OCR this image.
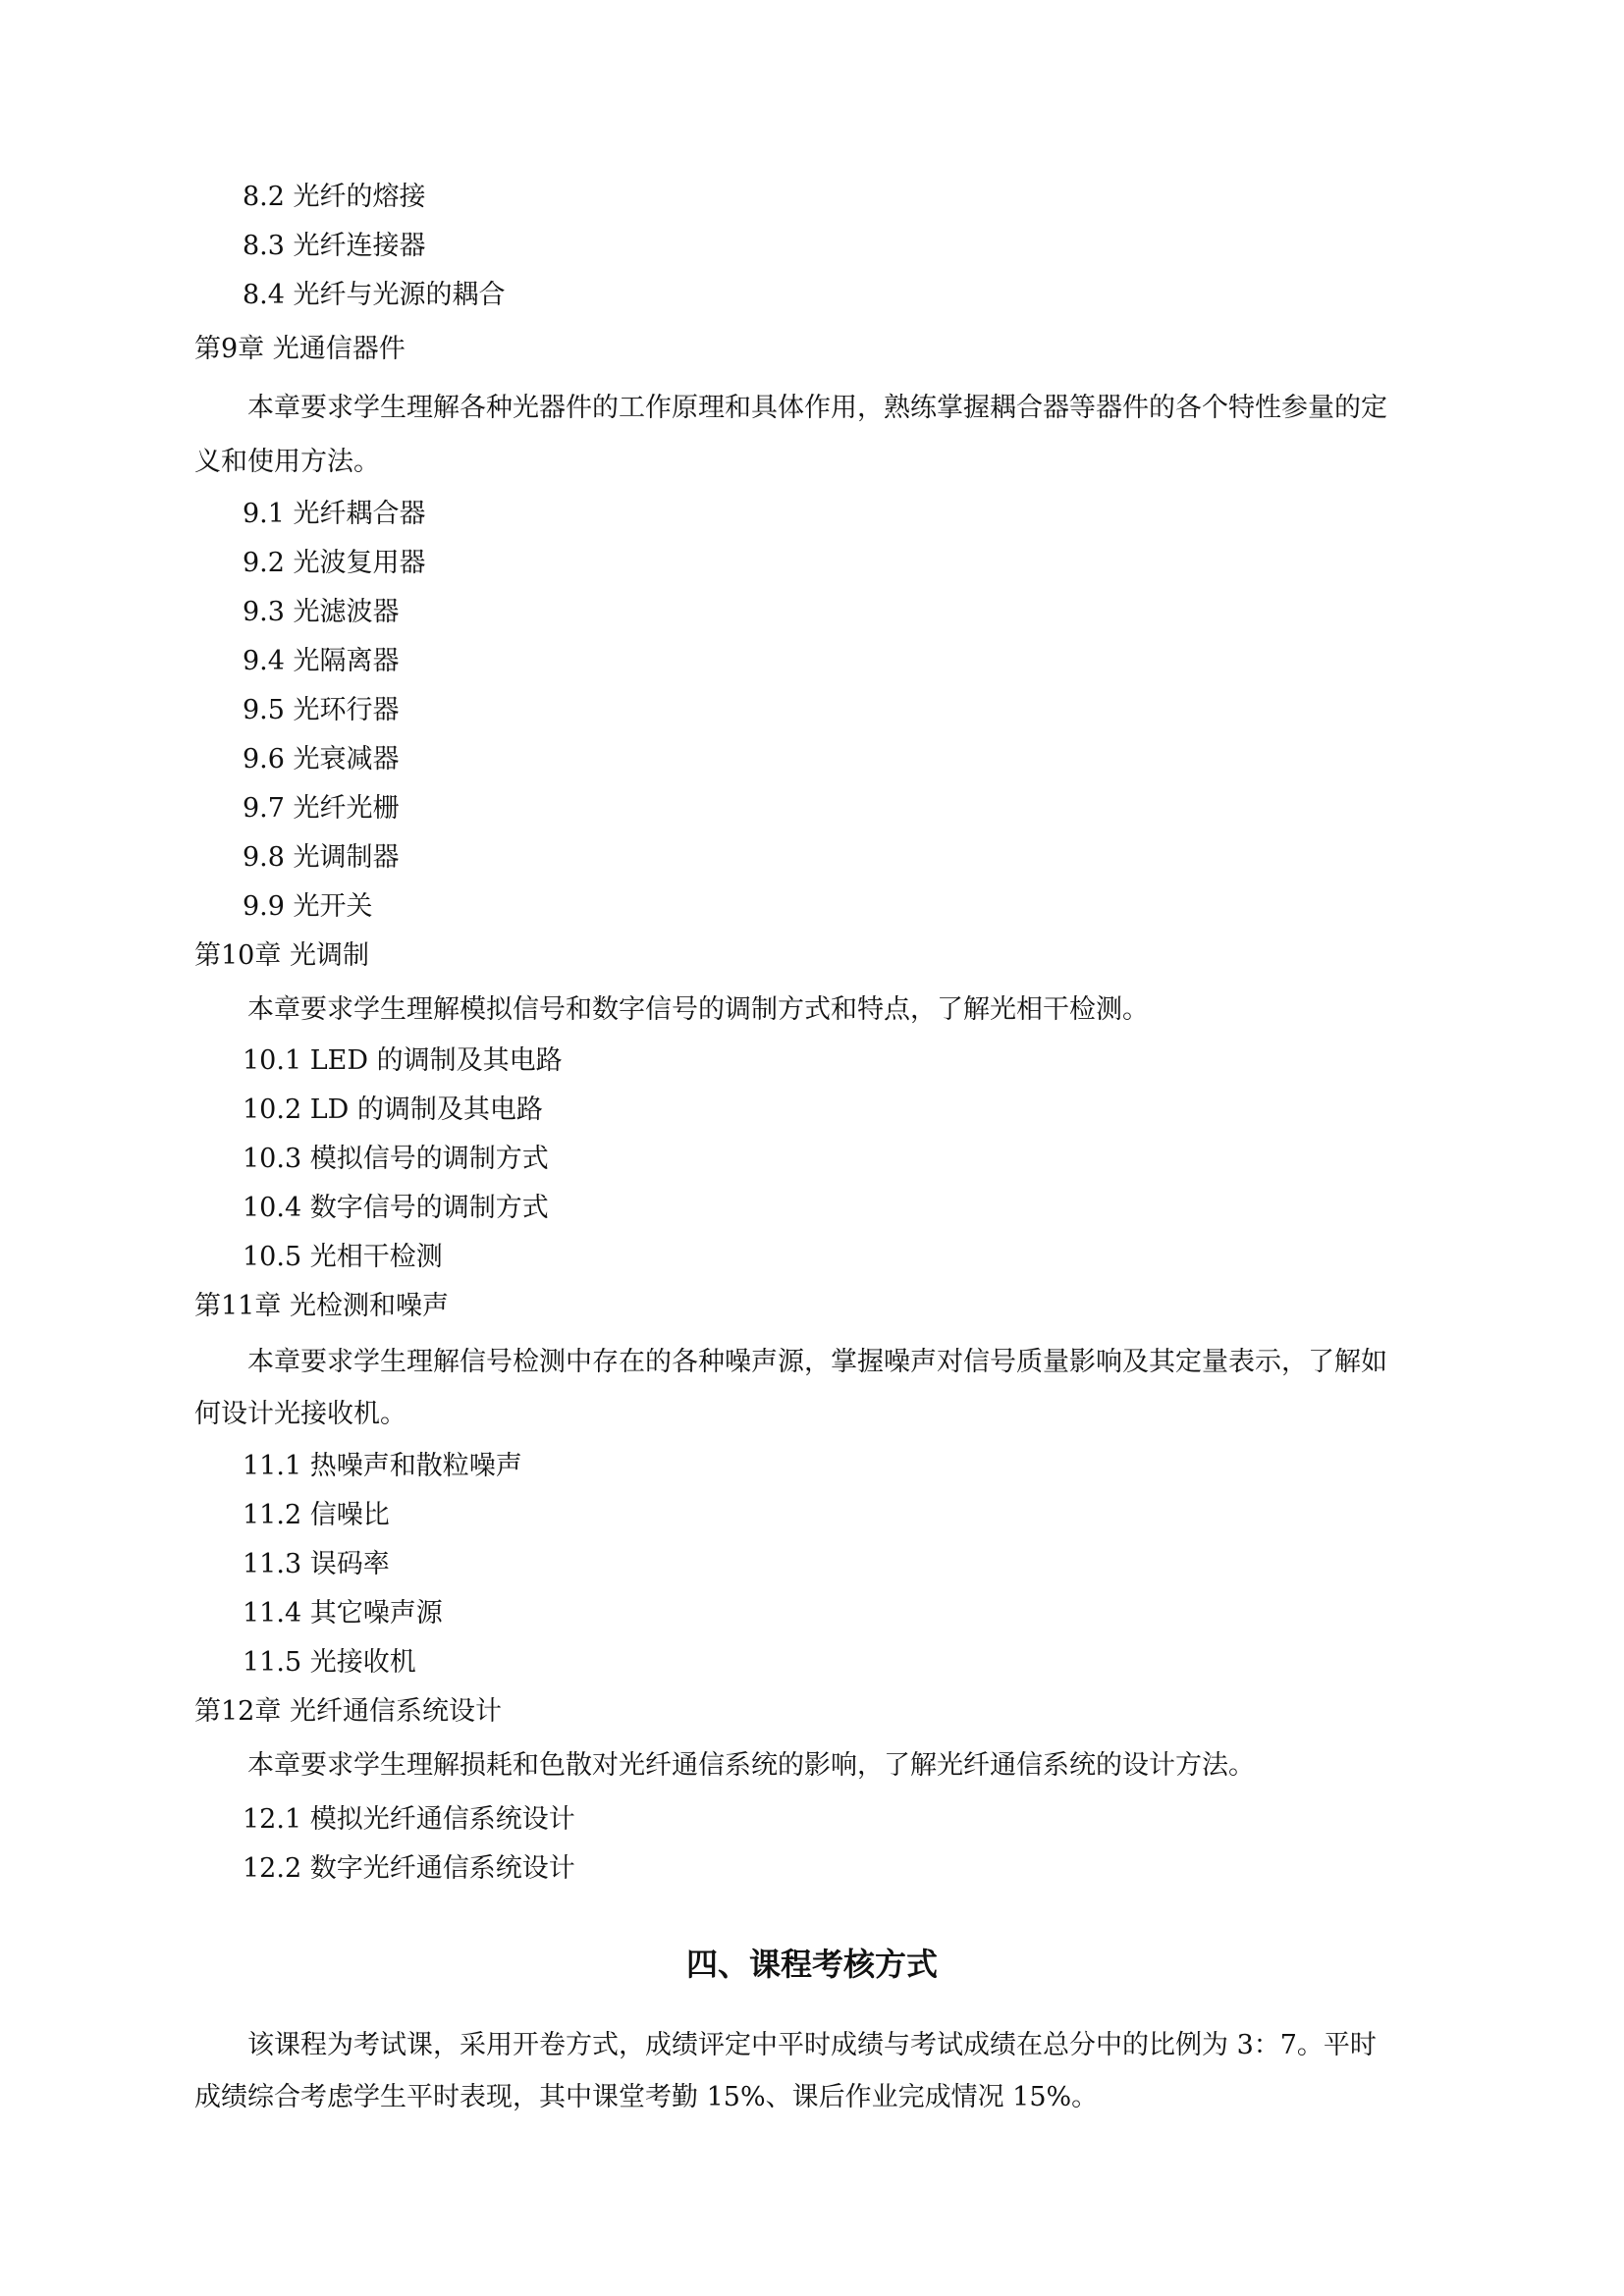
8.2 光纤的熔接
8.3 光纤连接器
8.4 光纤与光源的耦合
第9章 光通信器件
本章要求学生理解各种光器件的工作原理和具体作用，熟练掌握耦合器等器件的各个特性参量的定
义和使用方法。
9.1 光纤耦合器
9.2 光波复用器
9.3 光滤波器
9.4 光隔离器
9.5 光环行器
9.6 光衰减器
9.7 光纤光栅
9.8 光调制器
9.9 光开关
第10章 光调制
本章要求学生理解模拟信号和数字信号的调制方式和特点，了解光相干检测。
10.1 LED 的调制及其电路
10.2 LD 的调制及其电路
10.3 模拟信号的调制方式
10.4 数字信号的调制方式
10.5 光相干检测
第11章 光检测和噪声
本章要求学生理解信号检测中存在的各种噪声源，掌握噪声对信号质量影响及其定量表示，了解如
何设计光接收机。
11.1 热噪声和散粒噪声
11.2 信噪比
11.3 误码率
11.4 其它噪声源
11.5 光接收机
第12章 光纤通信系统设计
本章要求学生理解损耗和色散对光纤通信系统的影响，了解光纤通信系统的设计方法。
12.1 模拟光纤通信系统设计
12.2 数字光纤通信系统设计
四、课程考核方式
该课程为考试课，采用开卷方式，成绩评定中平时成绩与考试成绩在总分中的比例为 3：7。平时
成绩综合考虑学生平时表现，其中课堂考勤 15%、课后作业完成情况 15%。
